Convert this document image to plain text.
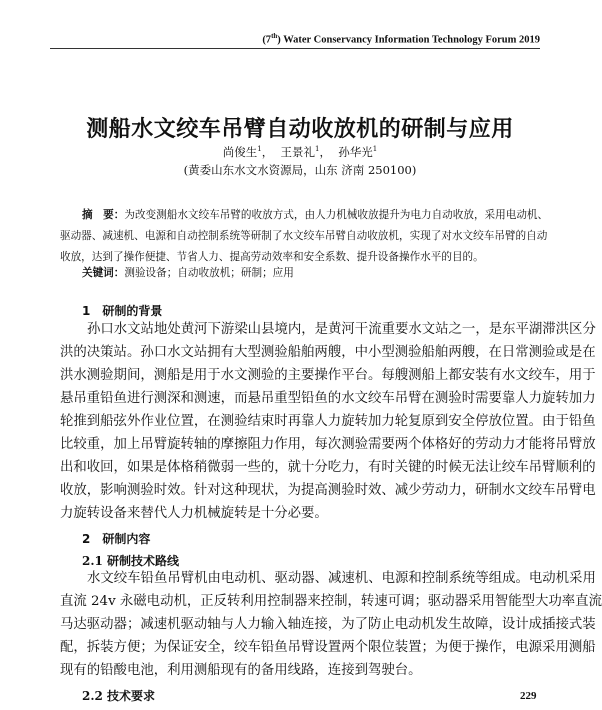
(7th) Water Conservancy Information Technology Forum 2019
测船水文绞车吊臂自动收放机的研制与应用
尚俊生$^1$，  王景礼$^1$，  孙华光$^1$
(黄委山东水文水资源局，山东 济南 250100)
摘　要：为改变测船水文绞车吊臂的收放方式，由人力机械收放提升为电力自动收放，采用电动机、
驱动器、减速机、电源和自动控制系统等研制了水文绞车吊臂自动收放机，实现了对水文绞车吊臂的自动
收放，达到了操作便捷、节省人力、提高劳动效率和安全系数、提升设备操作水平的目的。
关键词：测验设备；自动收放机；研制；应用
1　研制的背景
孙口水文站地处黄河下游梁山县境内，是黄河干流重要水文站之一，是东平湖滞洪区分
洪的决策站。孙口水文站拥有大型测验船舶两艘，中小型测验船舶两艘，在日常测验或是在
洪水测验期间，测船是用于水文测验的主要操作平台。每艘测船上都安装有水文绞车，用于
悬吊重铅鱼进行测深和测速，而悬吊重型铅鱼的水文绞车吊臂在测验时需要靠人力旋转加力
轮推到船弦外作业位置，在测验结束时再靠人力旋转加力轮复原到安全停放位置。由于铅鱼
比较重，加上吊臂旋转轴的摩擦阻力作用，每次测验需要两个体格好的劳动力才能将吊臂放
出和收回，如果是体格稍微弱一些的，就十分吃力，有时关键的时候无法让绞车吊臂顺利的
收放，影响测验时效。针对这种现状，为提高测验时效、减少劳动力，研制水文绞车吊臂电
力旋转设备来替代人力机械旋转是十分必要。
2　研制内容
2.1 研制技术路线
水文绞车铅鱼吊臂机由电动机、驱动器、减速机、电源和控制系统等组成。电动机采用
直流 24v 永磁电动机，正反转利用控制器来控制，转速可调；驱动器采用智能型大功率直流
马达驱动器；减速机驱动轴与人力输入轴连接，为了防止电动机发生故障，设计成插接式装
配，拆装方便；为保证安全，绞车铅鱼吊臂设置两个限位装置；为便于操作，电源采用测船
现有的铅酸电池，利用测船现有的备用线路，连接到驾驶台。
2.2 技术要求	229
